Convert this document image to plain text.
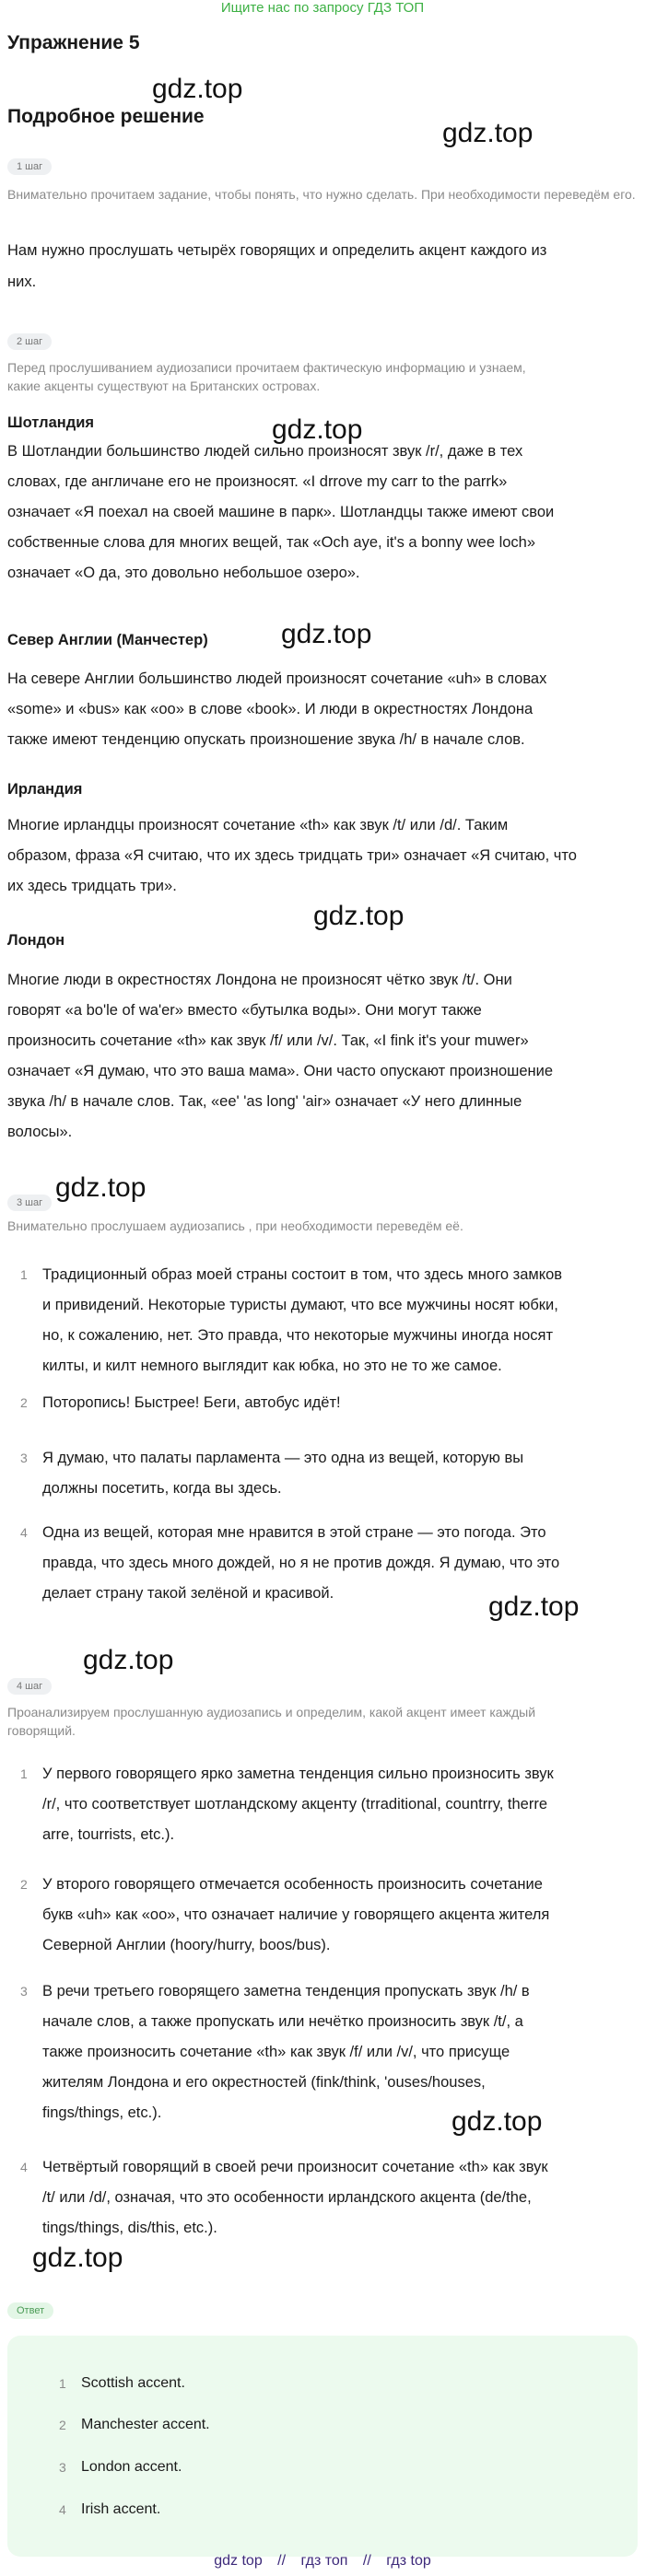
Ищите нас по запросу ГДЗ ТОП
Упражнение 5
Подробное решение
gdz.top
gdz.top
gdz.top
gdz.top
gdz.top
gdz.top
gdz.top
gdz.top
gdz.top
gdz.top
1 шаг

Внимательно прочитаем задание, чтобы понять, что нужно сделать. При необходимости переведём его.

Нам нужно прослушать четырёх говорящих и определить акцент каждого из

них.

2 шаг

Перед прослушиванием аудиозаписи прочитаем фактическую информацию и узнаем,

какие акценты существуют на Британских островах.

Шотландия

В Шотландии большинство людей сильно произносят звук /r/, даже в тех

словах, где англичане его не произносят. «I drrove my carr to the parrk»

означает «Я поехал на своей машине в парк». Шотландцы также имеют свои

собственные слова для многих вещей, так «Och aye, it's a bonny wee loch»

означает «О да, это довольно небольшое озеро».

Север Англии (Манчестер)

На севере Англии большинство людей произносят сочетание «uh» в словах

«some» и «bus» как «oo» в слове «book». И люди в окрестностях Лондона

также имеют тенденцию опускать произношение звука /h/ в начале слов.

Ирландия

Многие ирландцы произносят сочетание «th» как звук /t/ или /d/. Таким

образом, фраза «Я считаю, что их здесь тридцать три» означает «Я считаю, что

их здесь тридцать три».

Лондон

Многие люди в окрестностях Лондона не произносят чётко звук /t/. Они

говорят «a bo'le of wa'er» вместо «бутылка воды». Они могут также

произносить сочетание «th» как звук /f/ или /v/. Так, «I fink it's your muwer»

означает «Я думаю, что это ваша мама». Они часто опускают произношение

звука /h/ в начале слов. Так, «ee' 'as long' 'air» означает «У него длинные

волосы».

3 шаг

Внимательно прослушаем аудиозапись , при необходимости переведём её.

1 Традиционный образ моей страны состоит в том, что здесь много замков

и привидений. Некоторые туристы думают, что все мужчины носят юбки,

но, к сожалению, нет. Это правда, что некоторые мужчины иногда носят

килты, и килт немного выглядит как юбка, но это не то же самое.

2 Поторопись! Быстрее! Беги, автобус идёт!

3 Я думаю, что палаты парламента — это одна из вещей, которую вы

должны посетить, когда вы здесь.

4 Одна из вещей, которая мне нравится в этой стране — это погода. Это

правда, что здесь много дождей, но я не против дождя. Я думаю, что это

делает страну такой зелёной и красивой.

4 шаг

Проанализируем прослушанную аудиозапись и определим, какой акцент имеет каждый

говорящий.

1 У первого говорящего ярко заметна тенденция сильно произносить звук

/r/, что соответствует шотландскому акценту (trraditional, countrry, therre

arre, tourrists, etc.).

2 У второго говорящего отмечается особенность произносить сочетание

букв «uh» как «oo», что означает наличие у говорящего акцента жителя

Северной Англии (hoory/hurry, boos/bus).

3 В речи третьего говорящего заметна тенденция пропускать звук /h/ в

начале слов, а также пропускать или нечётко произносить звук /t/, а

также произносить сочетание «th» как звук /f/ или /v/, что присуще

жителям Лондона и его окрестностей (fink/think, 'ouses/houses,

fings/things, etc.).

4 Четвёртый говорящий в своей речи произносит сочетание «th» как звук

/t/ или /d/, означая, что это особенности ирландского акцента (de/the,

tings/things, dis/this, etc.).

Ответ
1 Scottish accent.
2 Manchester accent.
3 London accent.
4 Irish accent.
gdz top // гдз топ // гдз top
